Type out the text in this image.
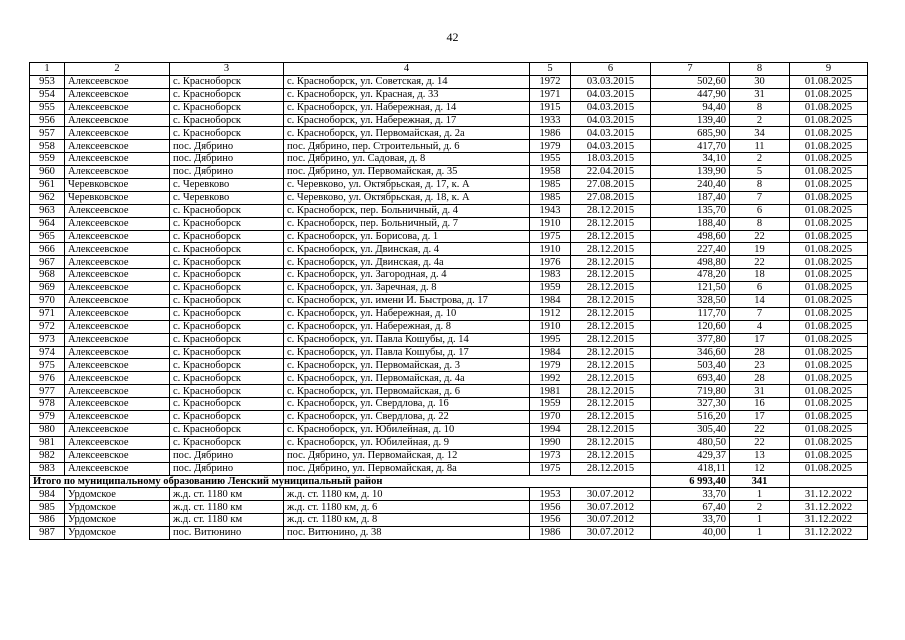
42
1	2	3	4	5	6	7	8	9
953	Алексеевское	с. Красноборск	с. Красноборск, ул. Советская, д. 14	1972	03.03.2015	502,60	30	01.08.2025
954	Алексеевское	с. Красноборск	с. Красноборск, ул. Красная, д. 33	1971	04.03.2015	447,90	31	01.08.2025
955	Алексеевское	с. Красноборск	с. Красноборск, ул. Набережная, д. 14	1915	04.03.2015	94,40	8	01.08.2025
956	Алексеевское	с. Красноборск	с. Красноборск, ул. Набережная, д. 17	1933	04.03.2015	139,40	2	01.08.2025
957	Алексеевское	с. Красноборск	с. Красноборск, ул. Первомайская, д. 2а	1986	04.03.2015	685,90	34	01.08.2025
958	Алексеевское	пос. Дябрино	пос. Дябрино, пер. Строительный, д. 6	1979	04.03.2015	417,70	11	01.08.2025
959	Алексеевское	пос. Дябрино	пос. Дябрино, ул. Садовая, д. 8	1955	18.03.2015	34,10	2	01.08.2025
960	Алексеевское	пос. Дябрино	пос. Дябрино, ул. Первомайская, д. 35	1958	22.04.2015	139,90	5	01.08.2025
961	Черевковское	с. Черевково	с. Черевково, ул. Октябрьская, д. 17, к. А	1985	27.08.2015	240,40	8	01.08.2025
962	Черевковское	с. Черевково	с. Черевково, ул. Октябрьская, д. 18, к. А	1985	27.08.2015	187,40	7	01.08.2025
963	Алексеевское	с. Красноборск	с. Красноборск, пер. Больничный, д. 4	1943	28.12.2015	135,70	6	01.08.2025
964	Алексеевское	с. Красноборск	с. Красноборск, пер. Больничный, д. 7	1910	28.12.2015	188,40	8	01.08.2025
965	Алексеевское	с. Красноборск	с. Красноборск, ул. Борисова, д. 1	1975	28.12.2015	498,60	22	01.08.2025
966	Алексеевское	с. Красноборск	с. Красноборск, ул. Двинская, д. 4	1910	28.12.2015	227,40	19	01.08.2025
967	Алексеевское	с. Красноборск	с. Красноборск, ул. Двинская, д. 4а	1976	28.12.2015	498,80	22	01.08.2025
968	Алексеевское	с. Красноборск	с. Красноборск, ул. Загородная, д. 4	1983	28.12.2015	478,20	18	01.08.2025
969	Алексеевское	с. Красноборск	с. Красноборск, ул. Заречная, д. 8	1959	28.12.2015	121,50	6	01.08.2025
970	Алексеевское	с. Красноборск	с. Красноборск, ул. имени И. Быстрова, д. 17	1984	28.12.2015	328,50	14	01.08.2025
971	Алексеевское	с. Красноборск	с. Красноборск, ул. Набережная, д. 10	1912	28.12.2015	117,70	7	01.08.2025
972	Алексеевское	с. Красноборск	с. Красноборск, ул. Набережная, д. 8	1910	28.12.2015	120,60	4	01.08.2025
973	Алексеевское	с. Красноборск	с. Красноборск, ул. Павла Кошубы, д. 14	1995	28.12.2015	377,80	17	01.08.2025
974	Алексеевское	с. Красноборск	с. Красноборск, ул. Павла Кошубы, д. 17	1984	28.12.2015	346,60	28	01.08.2025
975	Алексеевское	с. Красноборск	с. Красноборск, ул. Первомайская, д. 3	1979	28.12.2015	503,40	23	01.08.2025
976	Алексеевское	с. Красноборск	с. Красноборск, ул. Первомайская, д. 4а	1992	28.12.2015	693,40	28	01.08.2025
977	Алексеевское	с. Красноборск	с. Красноборск, ул. Первомайская, д. 6	1981	28.12.2015	719,80	31	01.08.2025
978	Алексеевское	с. Красноборск	с. Красноборск, ул. Свердлова, д. 16	1959	28.12.2015	327,30	16	01.08.2025
979	Алексеевское	с. Красноборск	с. Красноборск, ул. Свердлова, д. 22	1970	28.12.2015	516,20	17	01.08.2025
980	Алексеевское	с. Красноборск	с. Красноборск, ул. Юбилейная, д. 10	1994	28.12.2015	305,40	22	01.08.2025
981	Алексеевское	с. Красноборск	с. Красноборск, ул. Юбилейная, д. 9	1990	28.12.2015	480,50	22	01.08.2025
982	Алексеевское	пос. Дябрино	пос. Дябрино, ул. Первомайская, д. 12	1973	28.12.2015	429,37	13	01.08.2025
983	Алексеевское	пос. Дябрино	пос. Дябрино, ул. Первомайская, д. 8а	1975	28.12.2015	418,11	12	01.08.2025
Итого по муниципальному образованию Ленский муниципальный район						6 993,40	341	
984	Урдомское	ж.д. ст. 1180 км	ж.д. ст. 1180 км, д. 10	1953	30.07.2012	33,70	1	31.12.2022
985	Урдомское	ж.д. ст. 1180 км	ж.д. ст. 1180 км, д. 6	1956	30.07.2012	67,40	2	31.12.2022
986	Урдомское	ж.д. ст. 1180 км	ж.д. ст. 1180 км, д. 8	1956	30.07.2012	33,70	1	31.12.2022
987	Урдомское	пос. Витюнино	пос. Витюнино, д. 38	1986	30.07.2012	40,00	1	31.12.2022
